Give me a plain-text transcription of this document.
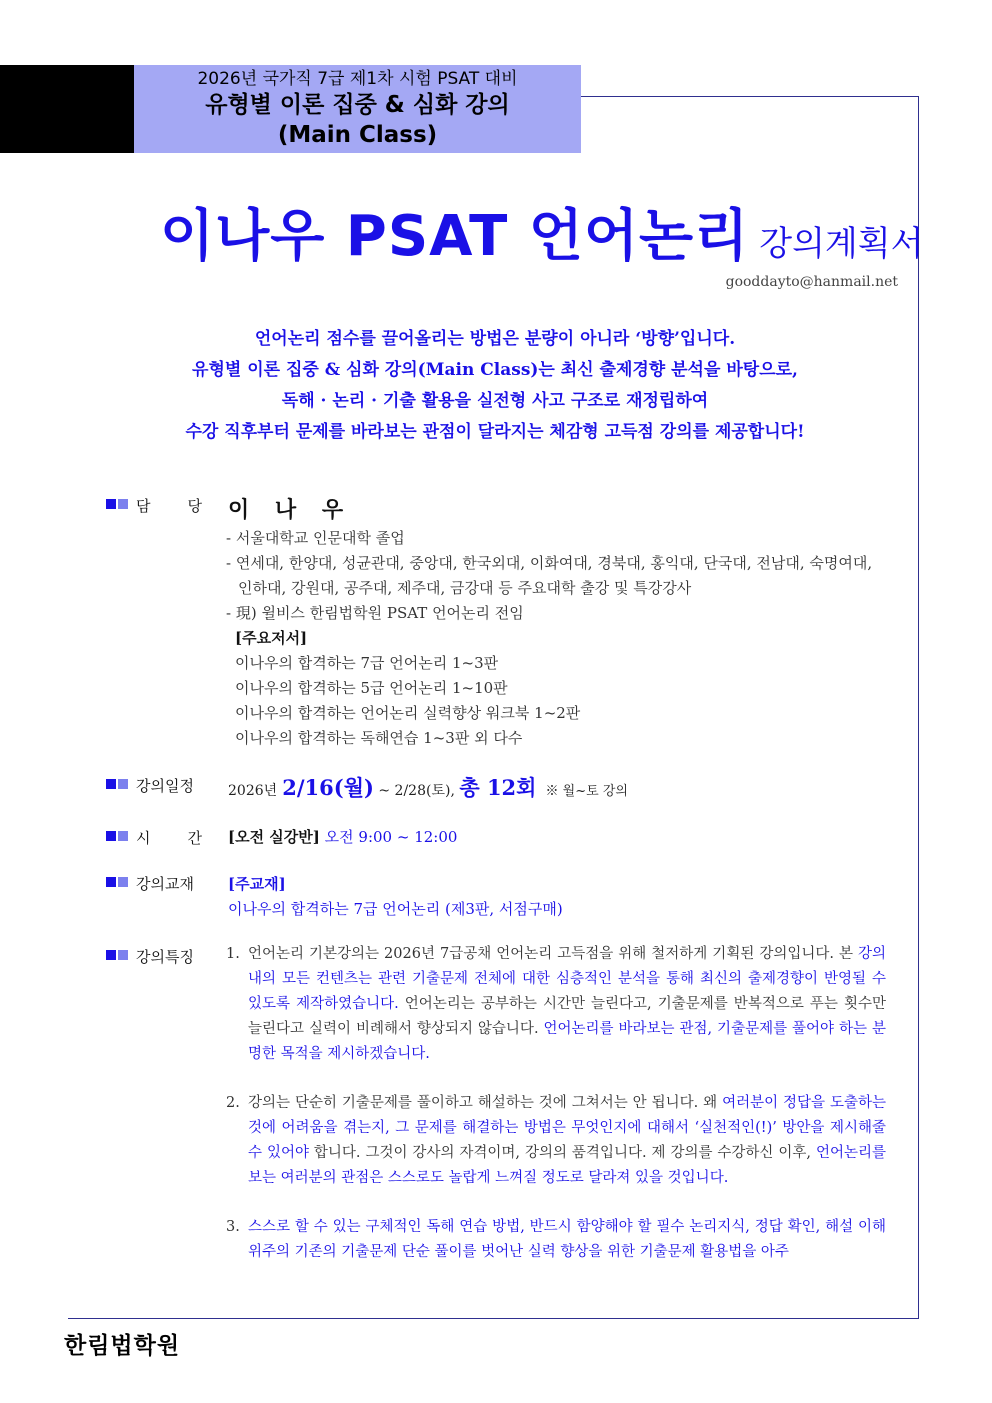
2026년 국가직 7급 제1차 시험 PSAT 대비
유형별 이론 집중 & 심화 강의
(Main Class)
이나우 PSAT 언어논리 강의계획서
gooddayto@hanmail.net
언어논리 점수를 끌어올리는 방법은 분량이 아니라 ‘방향’입니다.
유형별 이론 집중 & 심화 강의(Main Class)는 최신 출제경향 분석을 바탕으로,
독해 · 논리 · 기출 활용을 실전형 사고 구조로 재정립하여
수강 직후부터 문제를 바라보는 관점이 달라지는 체감형 고득점 강의를 제공합니다!
담 당 이 나 우
- 서울대학교 인문대학 졸업
- 연세대, 한양대, 성균관대, 중앙대, 한국외대, 이화여대, 경북대, 홍익대, 단국대, 전남대, 숙명여대, 인하대, 강원대, 공주대, 제주대, 금강대 등 주요대학 출강 및 특강강사
- 現) 윌비스 한림법학원 PSAT 언어논리 전임
[주요저서]
이나우의 합격하는 7급 언어논리 1~3판
이나우의 합격하는 5급 언어논리 1~10판
이나우의 합격하는 언어논리 실력향상 워크북 1~2판
이나우의 합격하는 독해연습 1~3판 외 다수
강의일정 2026년 2/16(월) ~ 2/28(토), 총 12회 ※ 월~토 강의
시 간 [오전 실강반] 오전 9:00 ~ 12:00
강의교재 [주교재]
이나우의 합격하는 7급 언어논리 (제3판, 서점구매)
강의특징 1. 언어논리 기본강의는 2026년 7급공채 언어논리 고득점을 위해 철저하게 기획된 강의입니다. 본 강의 내의 모든 컨텐츠는 관련 기출문제 전체에 대한 심층적인 분석을 통해 최신의 출제경향이 반영될 수 있도록 제작하였습니다. 언어논리는 공부하는 시간만 늘린다고, 기출문제를 반복적으로 푸는 횟수만 늘린다고 실력이 비례해서 향상되지 않습니다. 언어논리를 바라보는 관점, 기출문제를 풀어야 하는 분명한 목적을 제시하겠습니다.
2. 강의는 단순히 기출문제를 풀이하고 해설하는 것에 그쳐서는 안 됩니다. 왜 여러분이 정답을 도출하는 것에 어려움을 겪는지, 그 문제를 해결하는 방법은 무엇인지에 대해서 ‘실천적인(!)’ 방안을 제시해줄 수 있어야 합니다. 그것이 강사의 자격이며, 강의의 품격입니다. 제 강의를 수강하신 이후, 언어논리를 보는 여러분의 관점은 스스로도 놀랍게 느껴질 정도로 달라져 있을 것입니다.
3. 스스로 할 수 있는 구체적인 독해 연습 방법, 반드시 함양해야 할 필수 논리지식, 정답 확인, 해설 이해 위주의 기존의 기출문제 단순 풀이를 벗어난 실력 향상을 위한 기출문제 활용법을 아주
한림법학원
